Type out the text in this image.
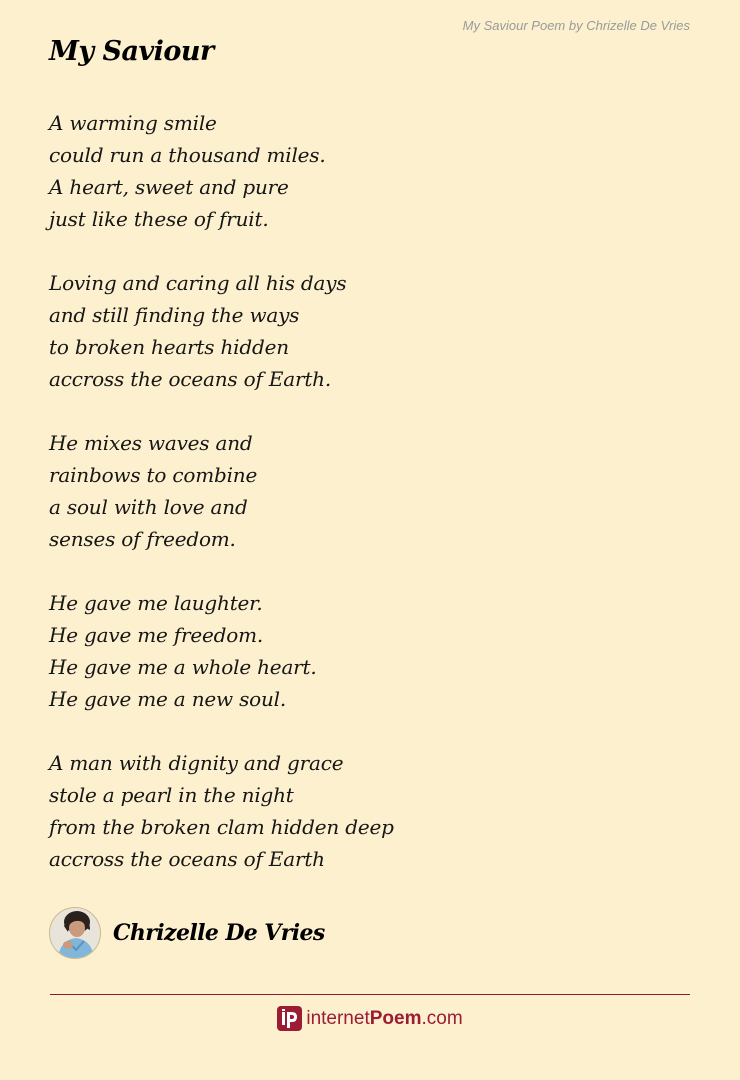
My Saviour Poem by Chrizelle De Vries
My Saviour
A warming smile
could run a thousand miles.
A heart, sweet and pure
just like these of fruit.
Loving and caring all his days
and still finding the ways
to broken hearts hidden
accross the oceans of Earth.
He mixes waves and
rainbows to combine
a soul with love and
senses of freedom.
He gave me laughter.
He gave me freedom.
He gave me a whole heart.
He gave me a new soul.
A man with dignity and grace
stole a pearl in the night
from the broken clam hidden deep
accross the oceans of Earth
Chrizelle De Vries
internetPoem.com
